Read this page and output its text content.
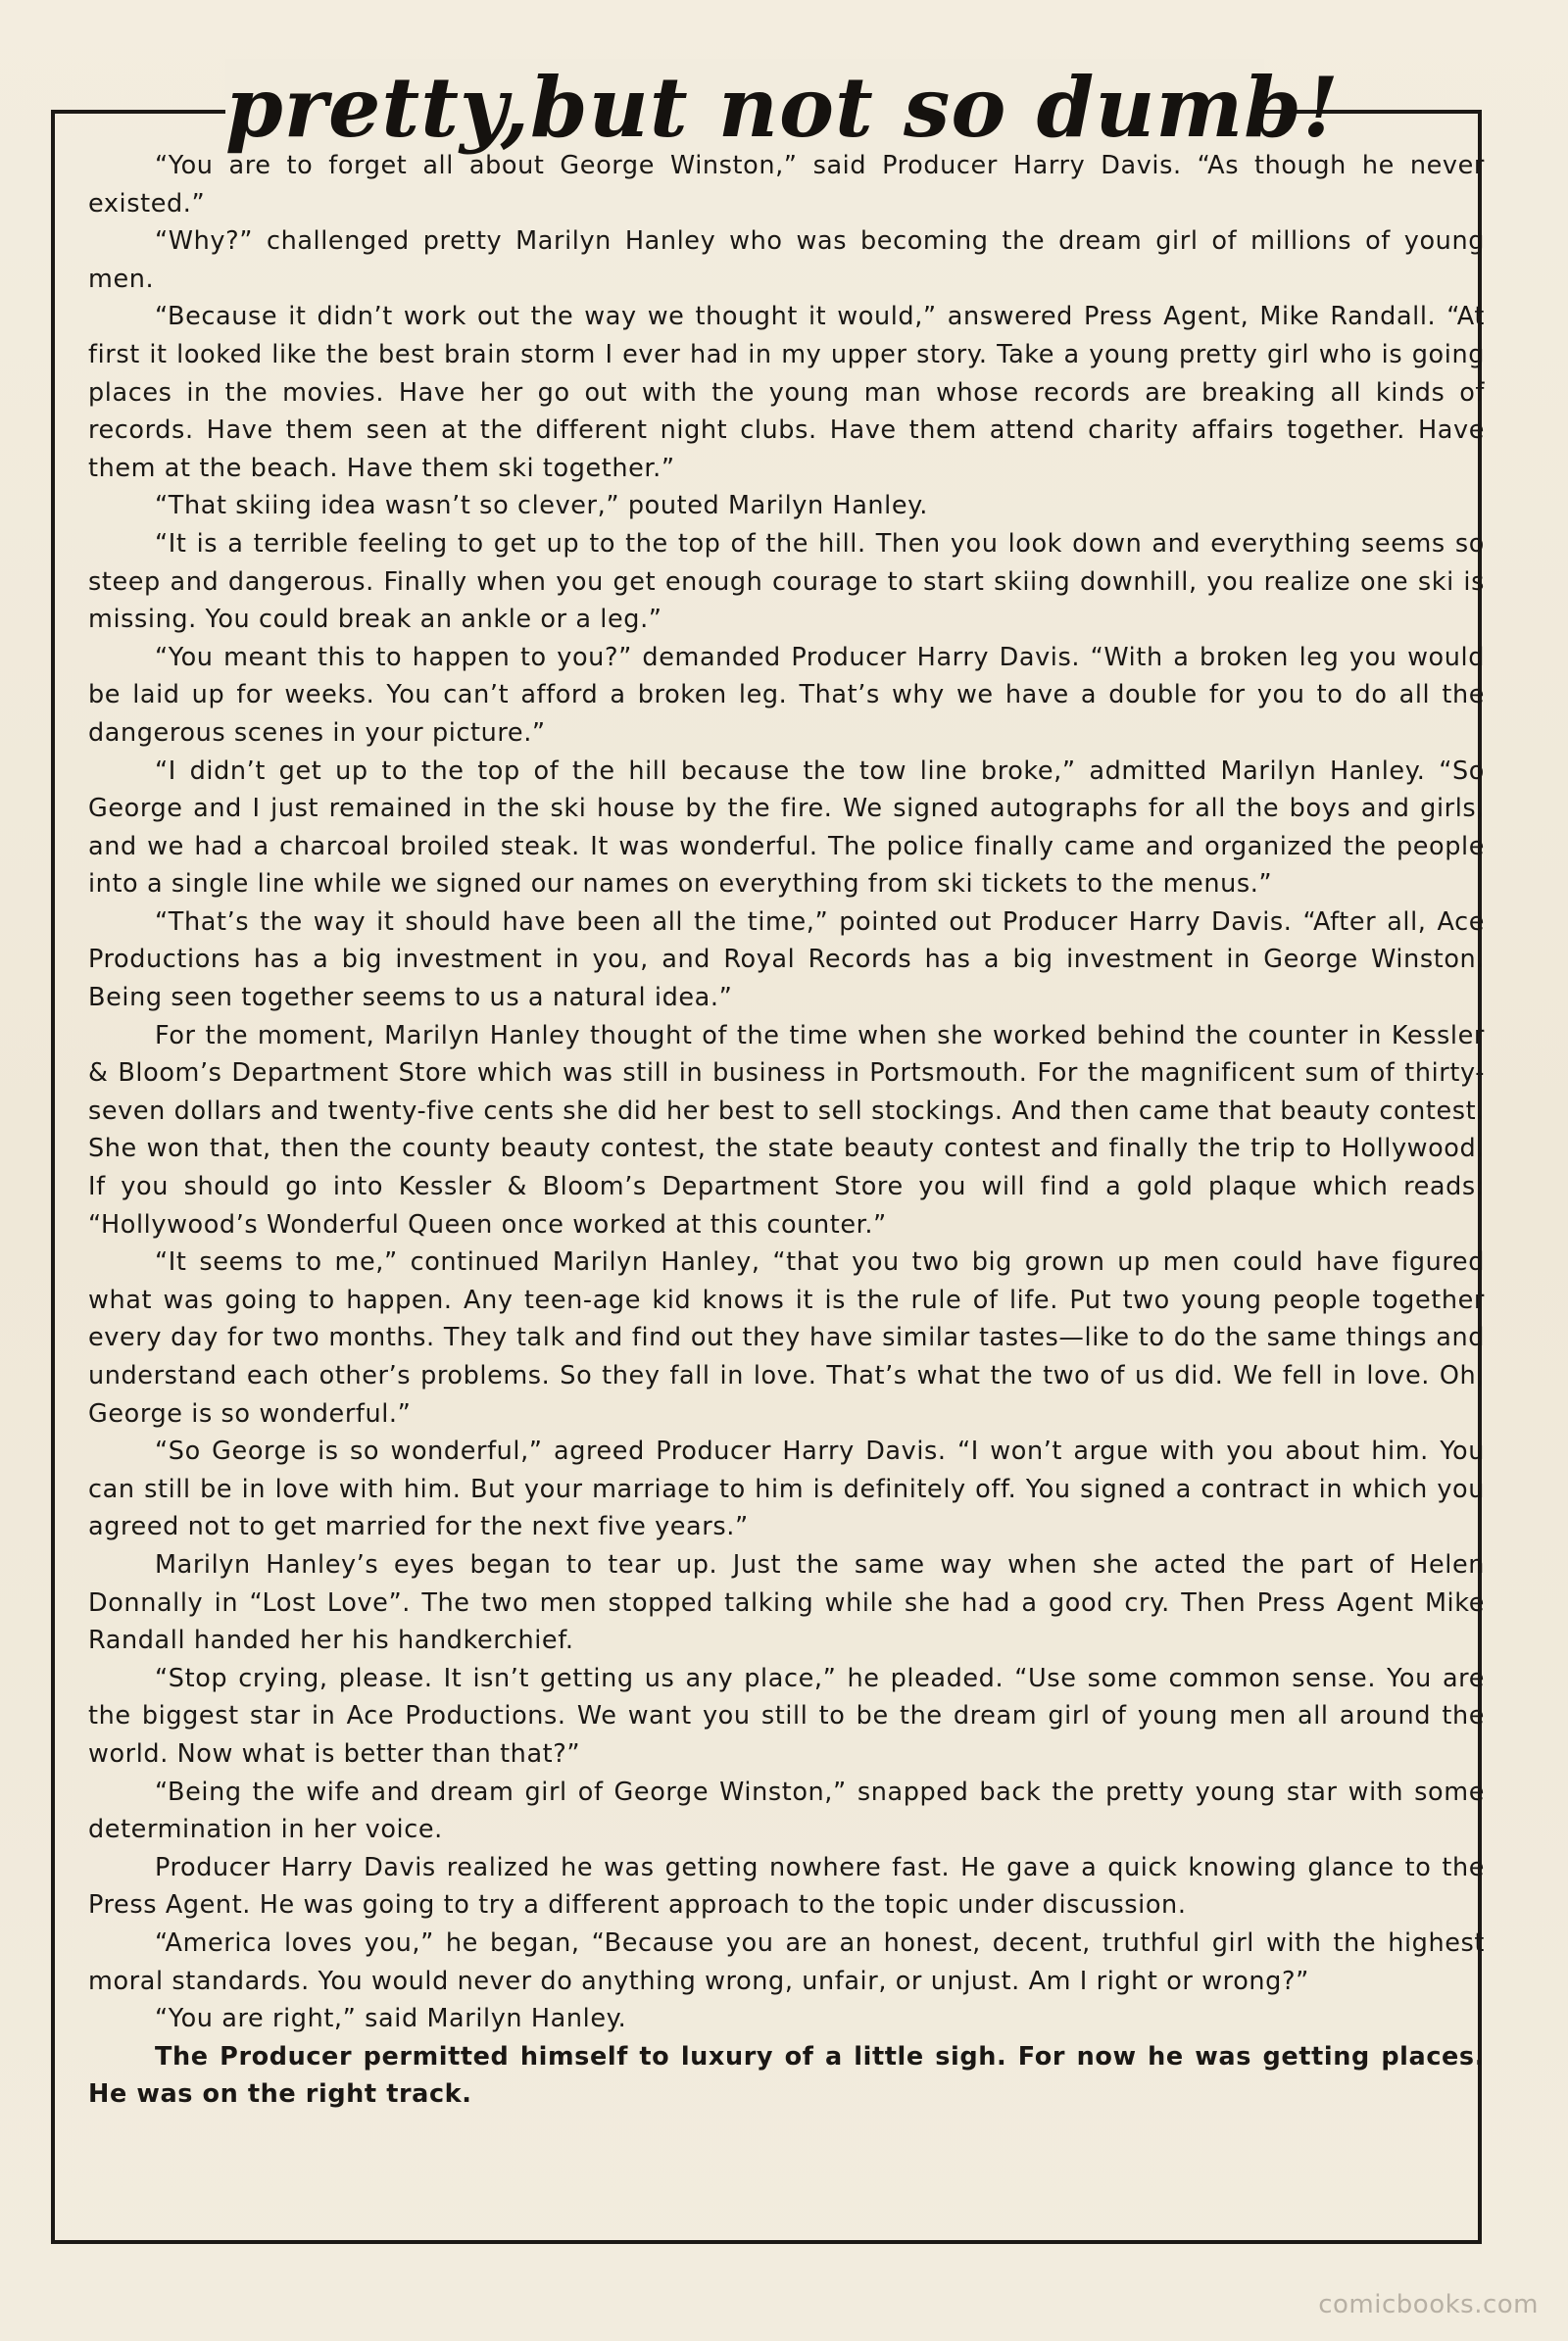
pretty,but not so dumb!

“You are to forget all about George Winston,” said Producer Harry Davis. “As though he never existed.”

“Why?” challenged pretty Marilyn Hanley who was becoming the dream girl of millions of young men.

“Because it didn’t work out the way we thought it would,” answered Press Agent, Mike Randall. “At first it looked like the best brain storm I ever had in my upper story. Take a young pretty girl who is going places in the movies. Have her go out with the young man whose records are breaking all kinds of records. Have them seen at the different night clubs. Have them attend charity affairs together. Have them at the beach. Have them ski together.”

“That skiing idea wasn’t so clever,” pouted Marilyn Hanley.

“It is a terrible feeling to get up to the top of the hill. Then you look down and everything seems so steep and dangerous. Finally when you get enough courage to start skiing downhill, you realize one ski is missing. You could break an ankle or a leg.”

“You meant this to happen to you?” demanded Producer Harry Davis. “With a broken leg you would be laid up for weeks. You can’t afford a broken leg. That’s why we have a double for you to do all the dangerous scenes in your picture.”

“I didn’t get up to the top of the hill because the tow line broke,” admitted Marilyn Hanley. “So George and I just remained in the ski house by the fire. We signed autographs for all the boys and girls, and we had a charcoal broiled steak. It was wonderful. The police finally came and organized the people into a single line while we signed our names on everything from ski tickets to the menus.”

“That’s the way it should have been all the time,” pointed out Producer Harry Davis. “After all, Ace Productions has a big investment in you, and Royal Records has a big investment in George Winston. Being seen together seems to us a natural idea.”

For the moment, Marilyn Hanley thought of the time when she worked behind the counter in Kessler & Bloom’s Department Store which was still in business in Portsmouth. For the magnificent sum of thirty-seven dollars and twenty-five cents she did her best to sell stockings. And then came that beauty contest. She won that, then the county beauty contest, the state beauty contest and finally the trip to Hollywood. If you should go into Kessler & Bloom’s Department Store you will find a gold plaque which reads: “Hollywood’s Wonderful Queen once worked at this counter.”

“It seems to me,” continued Marilyn Hanley, “that you two big grown up men could have figured what was going to happen. Any teen-age kid knows it is the rule of life. Put two young people together every day for two months. They talk and find out they have similar tastes—like to do the same things and understand each other’s problems. So they fall in love. That’s what the two of us did. We fell in love. Oh, George is so wonderful.”

“So George is so wonderful,” agreed Producer Harry Davis. “I won’t argue with you about him. You can still be in love with him. But your marriage to him is definitely off. You signed a contract in which you agreed not to get married for the next five years.”

Marilyn Hanley’s eyes began to tear up. Just the same way when she acted the part of Helen Donnally in “Lost Love”. The two men stopped talking while she had a good cry. Then Press Agent Mike Randall handed her his handkerchief.

“Stop crying, please. It isn’t getting us any place,” he pleaded. “Use some common sense. You are the biggest star in Ace Productions. We want you still to be the dream girl of young men all around the world. Now what is better than that?”

“Being the wife and dream girl of George Winston,” snapped back the pretty young star with some determination in her voice.

Producer Harry Davis realized he was getting nowhere fast. He gave a quick knowing glance to the Press Agent. He was going to try a different approach to the topic under discussion.

“America loves you,” he began, “Because you are an honest, decent, truthful girl with the highest moral standards. You would never do anything wrong, unfair, or unjust. Am I right or wrong?”

“You are right,” said Marilyn Hanley.

The Producer permitted himself to luxury of a little sigh. For now he was getting places. He was on the right track.

comicbooks.com
